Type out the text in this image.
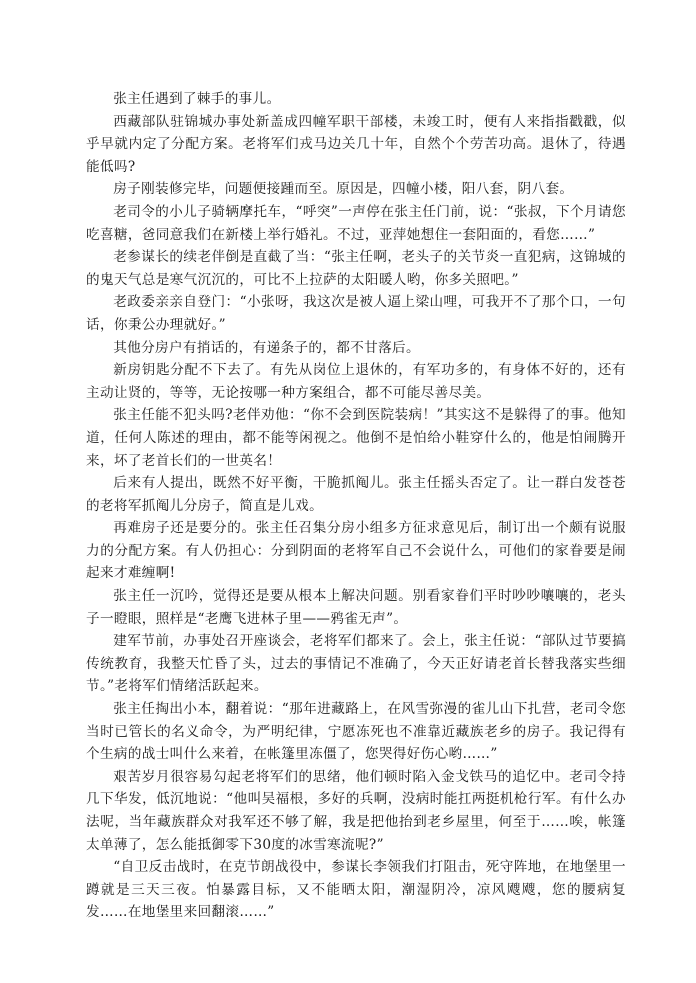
张主任遇到了棘手的事儿。

西藏部队驻锦城办事处新盖成四幢军职干部楼，未竣工时，便有人来指指戳戳，似乎早就内定了分配方案。老将军们戎马边关几十年，自然个个劳苦功高。退休了，待遇能低吗?

房子刚装修完毕，问题便接踵而至。原因是，四幢小楼，阳八套，阴八套。

老司令的小儿子骑辆摩托车，“呼突”一声停在张主任门前，说：“张叔，下个月请您吃喜糖，爸同意我们在新楼上举行婚礼。不过，亚萍她想住一套阳面的，看您……”

老参谋长的续老伴倒是直截了当：“张主任啊，老头子的关节炎一直犯病，这锦城的的鬼天气总是寒气沉沉的，可比不上拉萨的太阳暖人哟，你多关照吧。”

老政委亲亲自登门：“小张呀，我这次是被人逼上梁山哩，可我开不了那个口，一句话，你秉公办理就好。”

其他分房户有捎话的，有递条子的，都不甘落后。

新房钥匙分配不下去了。有先从岗位上退休的，有军功多的，有身体不好的，还有主动让贤的，等等，无论按哪一种方案组合，都不可能尽善尽美。

张主任能不犯头吗?老伴劝他：“你不会到医院装病！”其实这不是躲得了的事。他知道，任何人陈述的理由，都不能等闲视之。他倒不是怕给小鞋穿什么的，他是怕闹腾开来，坏了老首长们的一世英名！

后来有人提出，既然不好平衡，干脆抓阄儿。张主任摇头否定了。让一群白发苍苍的老将军抓阄儿分房子，简直是儿戏。

再难房子还是要分的。张主任召集分房小组多方征求意见后，制订出一个颇有说服力的分配方案。有人仍担心：分到阴面的老将军自己不会说什么，可他们的家眷要是闹起来才难缠啊!

张主任一沉吟，觉得还是要从根本上解决问题。别看家眷们平时吵吵嚷嚷的，老头子一瞪眼，照样是“老鹰飞进林子里——鸦雀无声”。

建军节前，办事处召开座谈会，老将军们都来了。会上，张主任说：“部队过节要搞传统教育，我整天忙昏了头，过去的事情记不准确了，今天正好请老首长替我落实些细节。”老将军们情绪活跃起来。

张主任掏出小本，翻着说：“那年进藏路上，在风雪弥漫的雀儿山下扎营，老司令您当时已管长的名义命令，为严明纪律，宁愿冻死也不准靠近藏族老乡的房子。我记得有个生病的战士叫什么来着，在帐篷里冻僵了，您哭得好伤心哟……”

艰苦岁月很容易勾起老将军们的思绪，他们顿时陷入金戈铁马的追忆中。老司令持几下华发，低沉地说：“他叫吴福根，多好的兵啊，没病时能扛两挺机枪行军。有什么办法呢，当年藏族群众对我军还不够了解，我是把他抬到老乡屋里，何至于……唉，帐篷太单薄了，怎么能抵御零下30度的冰雪寒流呢?”

“自卫反击战时，在克节朗战役中，参谋长李领我们打阻击，死守阵地，在地堡里一蹲就是三天三夜。怕暴露目标，又不能晒太阳，潮湿阴冷，凉风飕飕，您的腰病复发……在地堡里来回翻滚……”
